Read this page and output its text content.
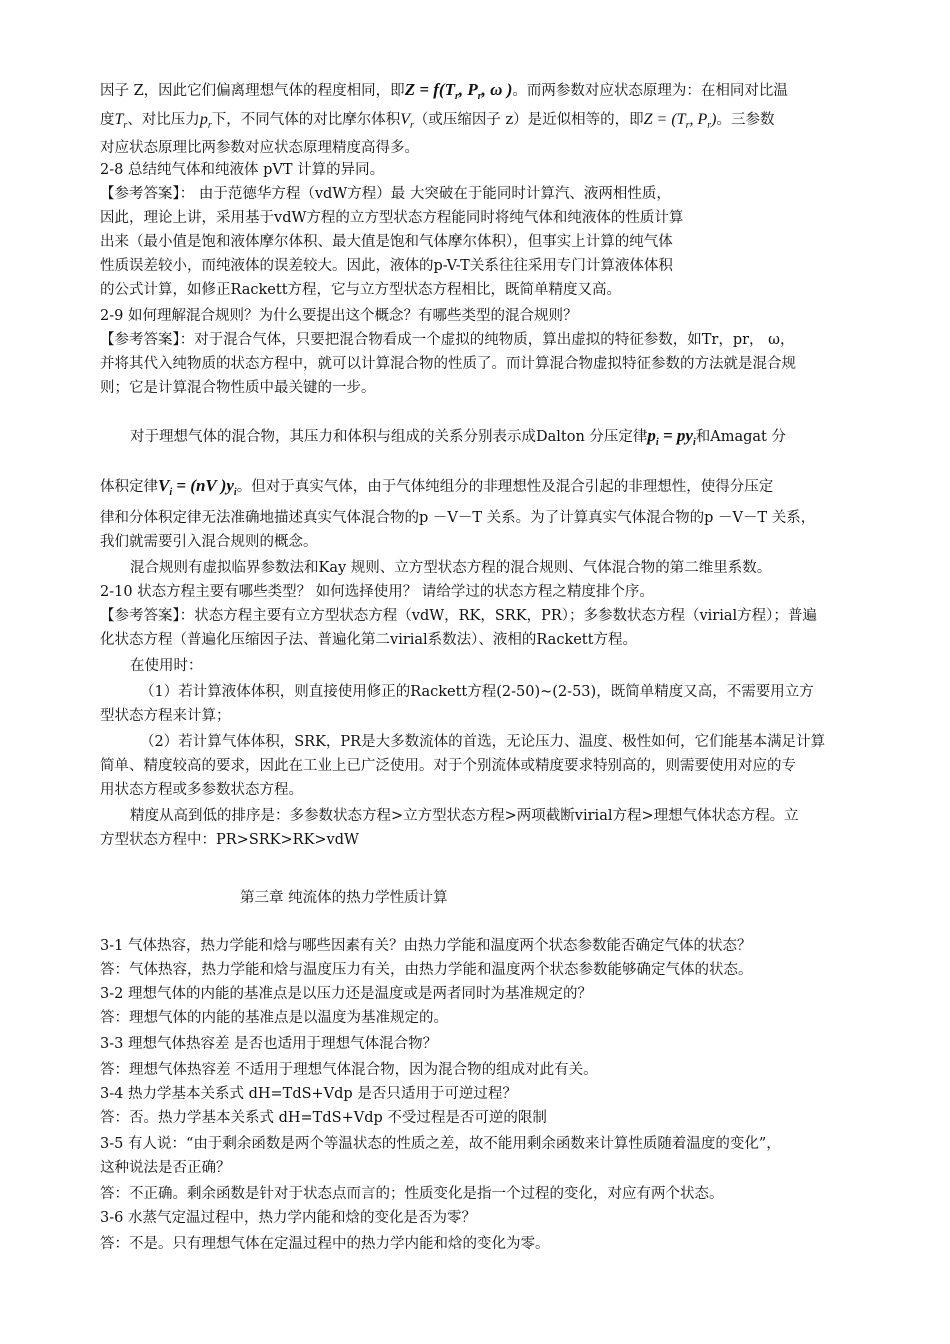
因子 Z，因此它们偏离理想气体的程度相同，即$Z = f(T_r$, $P_r$, ω )。而两参数对应状态原理为：在相同对比温
度$T_r$、对比压力$p_r$下，不同气体的对比摩尔体积$V_r$（或压缩因子 z）是近似相等的，即$Z = (T_r$, $P_r$)。三参数
对应状态原理比两参数对应状态原理精度高得多。
2-8 总结纯气体和纯液体 pVT 计算的异同。
【参考答案】： 由于范德华方程（vdW方程）最 大突破在于能同时计算汽、液两相性质，
因此，理论上讲，采用基于vdW方程的立方型状态方程能同时将纯气体和纯液体的性质计算
出来（最小值是饱和液体摩尔体积、最大值是饱和气体摩尔体积），但事实上计算的纯气体
性质误差较小，而纯液体的误差较大。因此，液体的p-V-T关系往往采用专门计算液体体积
的公式计算，如修正Rackett方程，它与立方型状态方程相比，既简单精度又高。
2-9 如何理解混合规则？为什么要提出这个概念？有哪些类型的混合规则？
【参考答案】：对于混合气体，只要把混合物看成一个虚拟的纯物质，算出虚拟的特征参数，如Tr，pr， ω，
并将其代入纯物质的状态方程中，就可以计算混合物的性质了。而计算混合物虚拟特征参数的方法就是混合规
则；它是计算混合物性质中最关键的一步。
对于理想气体的混合物，其压力和体积与组成的关系分别表示成Dalton 分压定律$p_i = py_i$和Amagat 分
体积定律$V_i = (nV$ )$y_i$。但对于真实气体，由于气体纯组分的非理想性及混合引起的非理想性，使得分压定
律和分体积定律无法准确地描述真实气体混合物的p －V－T 关系。为了计算真实气体混合物的p －V－T 关系，
我们就需要引入混合规则的概念。
混合规则有虚拟临界参数法和Kay 规则、立方型状态方程的混合规则、气体混合物的第二维里系数。
2-10 状态方程主要有哪些类型？ 如何选择使用？ 请给学过的状态方程之精度排个序。
【参考答案】：状态方程主要有立方型状态方程（vdW，RK，SRK，PR）；多参数状态方程（virial方程）；普遍
化状态方程（普遍化压缩因子法、普遍化第二virial系数法）、液相的Rackett方程。
在使用时：
（1）若计算液体体积，则直接使用修正的Rackett方程(2-50)~(2-53)，既简单精度又高，不需要用立方
型状态方程来计算；
（2）若计算气体体积，SRK，PR是大多数流体的首选，无论压力、温度、极性如何，它们能基本满足计算
简单、精度较高的要求，因此在工业上已广泛使用。对于个别流体或精度要求特别高的，则需要使用对应的专
用状态方程或多参数状态方程。
精度从高到低的排序是：多参数状态方程>立方型状态方程>两项截断virial方程>理想气体状态方程。立
方型状态方程中：PR>SRK>RK>vdW
第三章 纯流体的热力学性质计算
3-1 气体热容，热力学能和焓与哪些因素有关？由热力学能和温度两个状态参数能否确定气体的状态？
答：气体热容，热力学能和焓与温度压力有关，由热力学能和温度两个状态参数能够确定气体的状态。
3-2 理想气体的内能的基准点是以压力还是温度或是两者同时为基准规定的？
答：理想气体的内能的基准点是以温度为基准规定的。
3-3 理想气体热容差 是否也适用于理想气体混合物？
答：理想气体热容差 不适用于理想气体混合物，因为混合物的组成对此有关。
3-4 热力学基本关系式 dH=TdS+Vdp 是否只适用于可逆过程？
答：否。热力学基本关系式 dH=TdS+Vdp 不受过程是否可逆的限制
3-5 有人说：“由于剩余函数是两个等温状态的性质之差，故不能用剩余函数来计算性质随着温度的变化”，
这种说法是否正确？
答：不正确。剩余函数是针对于状态点而言的；性质变化是指一个过程的变化，对应有两个状态。
3-6 水蒸气定温过程中，热力学内能和焓的变化是否为零？
答：不是。只有理想气体在定温过程中的热力学内能和焓的变化为零。
